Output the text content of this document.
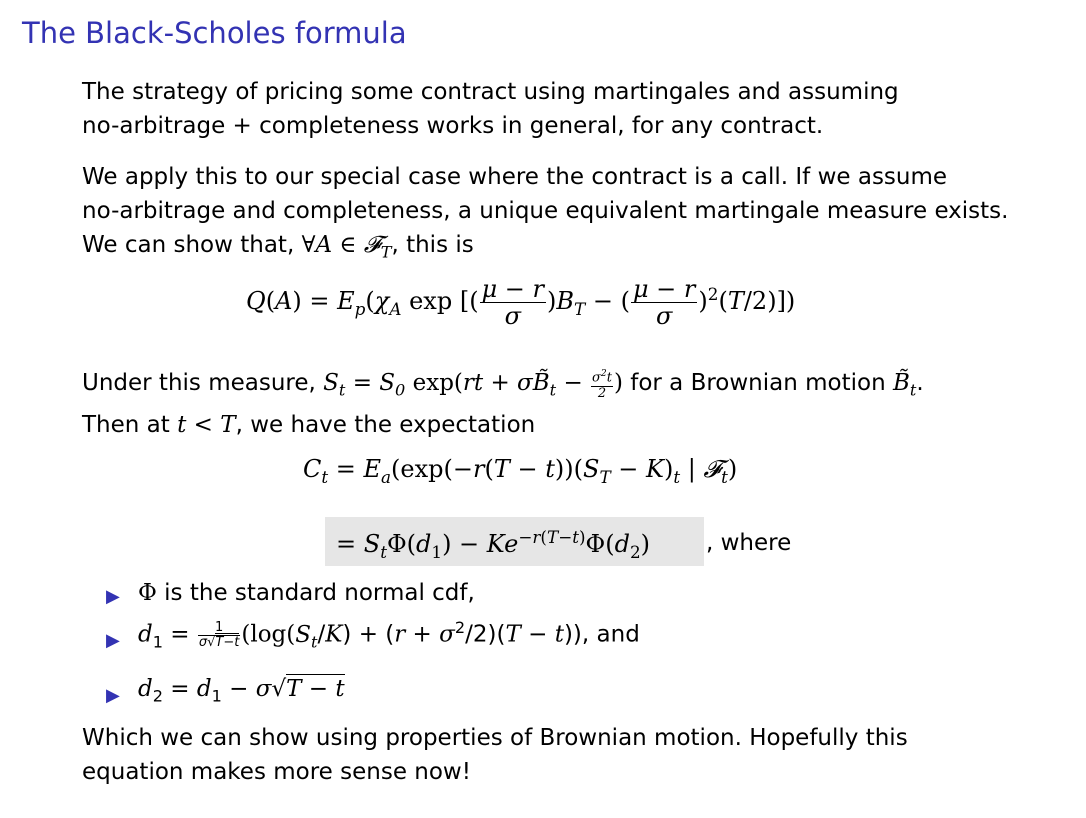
The Black-Scholes formula
The strategy of pricing some contract using martingales and assuming
no-arbitrage + completeness works in general, for any contract.
We apply this to our special case where the contract is a call. If we assume
no-arbitrage and completeness, a unique equivalent martingale measure exists.
We can show that, ∀A ∈ 𝓕$_T$, this is
$Q(A) = E_p(\chi_A$ exp [( $\frac{\mu - r}{\sigma} )B_T$ − ( $\frac{\mu - r}{\sigma} )^2(T/2)$])
Under this measure, $S_t = S_0$ $\exp(rt + \sigma B̃_t - \frac{\sigma^2t}{2}$ ) for a Brownian motion $B̃_t$.
Then at t < T, we have the expectation
$C_t = E_a(\exp(-r(T - t))(S_T - K)_t$ | 𝓕$_t$)
= $S_t\Phi(d_1) - Ke^{-r(T-t)}\Phi(d_2)$ , where
▶ Φ is the standard normal cdf,
▶ $d_1 = \frac{1}{\sigma√T-t} (\log(S_t/K) + (r + \sigma^2/2)(T - t))$, and
▶ $d_2 = d_1 - \sigma√T - t$
Which we can show using properties of Brownian motion. Hopefully this
equation makes more sense now!
